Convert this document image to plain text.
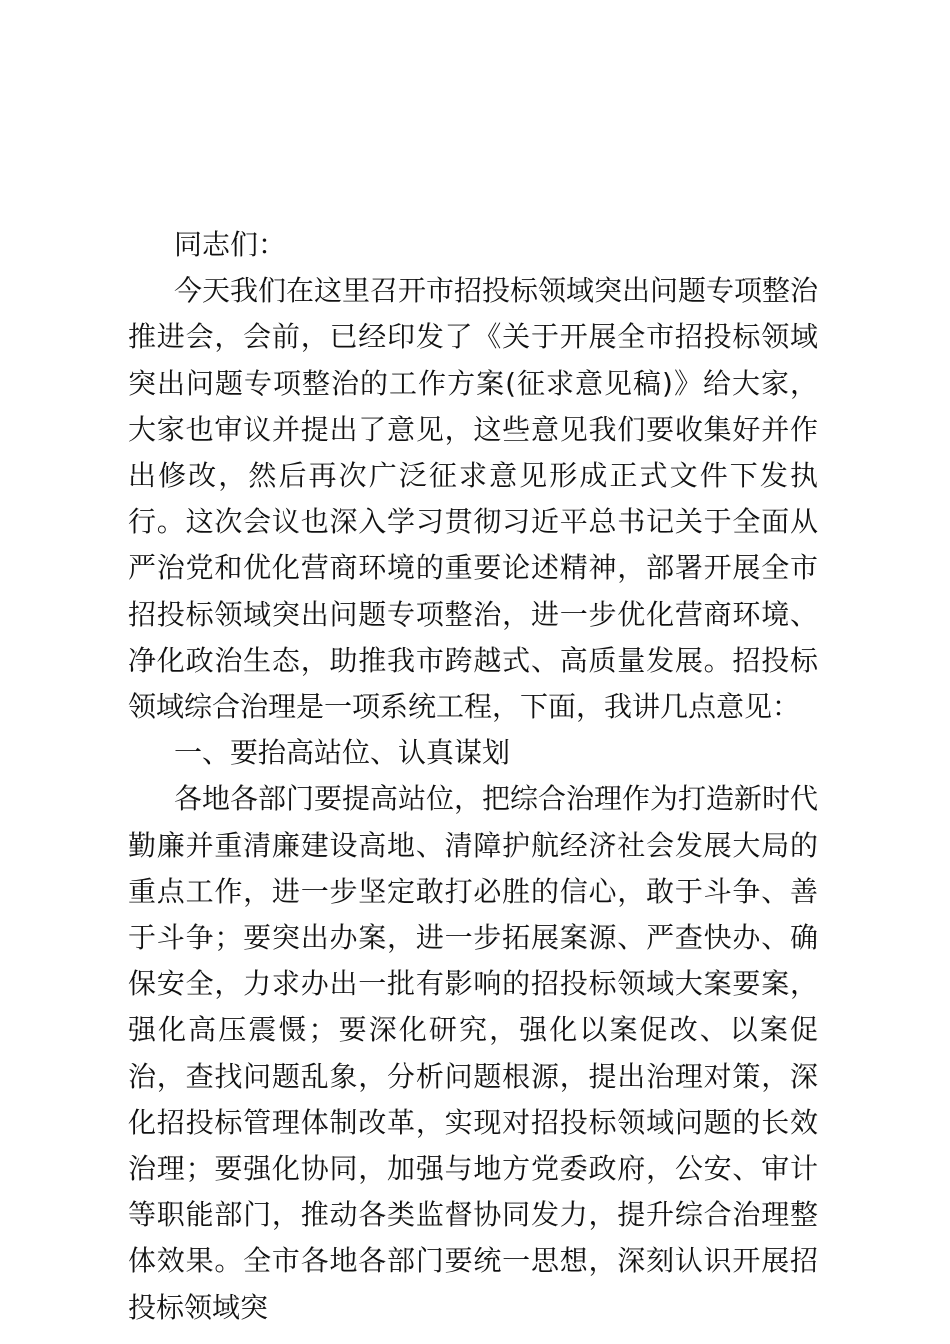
同志们：

今天我们在这里召开市招投标领域突出问题专项整治推进会，会前，已经印发了《关于开展全市招投标领域突出问题专项整治的工作方案(征求意见稿)》给大家，大家也审议并提出了意见，这些意见我们要收集好并作出修改，然后再次广泛征求意见形成正式文件下发执行。这次会议也深入学习贯彻习近平总书记关于全面从严治党和优化营商环境的重要论述精神，部署开展全市招投标领域突出问题专项整治，进一步优化营商环境、净化政治生态，助推我市跨越式、高质量发展。招投标领域综合治理是一项系统工程，下面，我讲几点意见：

一、要抬高站位、认真谋划

各地各部门要提高站位，把综合治理作为打造新时代勤廉并重清廉建设高地、清障护航经济社会发展大局的重点工作，进一步坚定敢打必胜的信心，敢于斗争、善于斗争；要突出办案，进一步拓展案源、严查快办、确保安全，力求办出一批有影响的招投标领域大案要案，强化高压震慑；要深化研究，强化以案促改、以案促治，查找问题乱象，分析问题根源，提出治理对策，深化招投标管理体制改革，实现对招投标领域问题的长效治理；要强化协同，加强与地方党委政府，公安、审计等职能部门，推动各类监督协同发力，提升综合治理整体效果。全市各地各部门要统一思想，深刻认识开展招投标领域突
